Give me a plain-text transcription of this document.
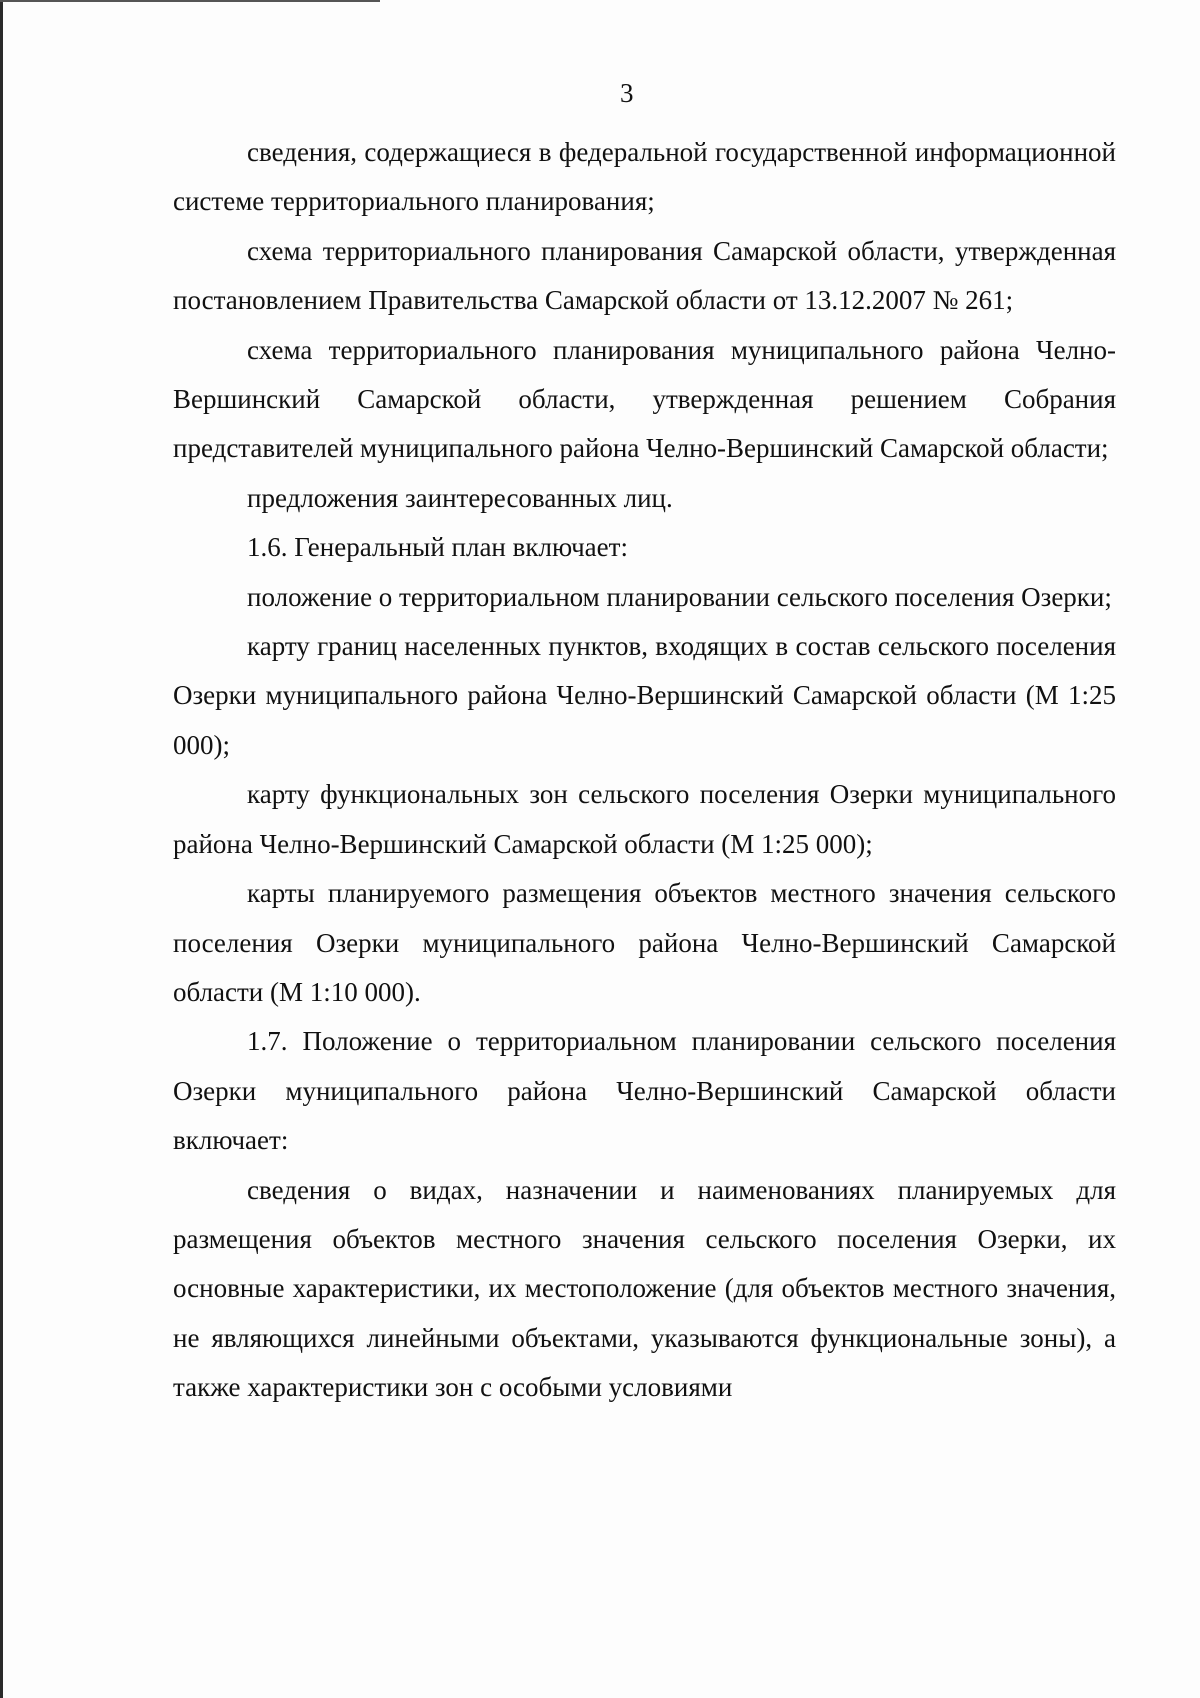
3

сведения, содержащиеся в федеральной государственной информационной системе территориального планирования;

схема территориального планирования Самарской области, утвержденная постановлением Правительства Самарской области от 13.12.2007 № 261;

схема территориального планирования муниципального района Челно-Вершинский Самарской области, утвержденная решением Собрания представителей муниципального района Челно-Вершинский Самарской области;

предложения заинтересованных лиц.

1.6. Генеральный план включает:

положение о территориальном планировании сельского поселения Озерки;

карту границ населенных пунктов, входящих в состав сельского поселения Озерки муниципального района Челно-Вершинский Самарской области (М 1:25 000);

карту функциональных зон сельского поселения Озерки муниципального района Челно-Вершинский Самарской области (М 1:25 000);

карты планируемого размещения объектов местного значения сельского поселения Озерки муниципального района Челно-Вершинский Самарской области (М 1:10 000).

1.7. Положение о территориальном планировании сельского поселения Озерки муниципального района Челно-Вершинский Самарской области включает:

сведения о видах, назначении и наименованиях планируемых для размещения объектов местного значения сельского поселения Озерки, их основные характеристики, их местоположение (для объектов местного значения, не являющихся линейными объектами, указываются функциональные зоны), а также характеристики зон с особыми условиями
